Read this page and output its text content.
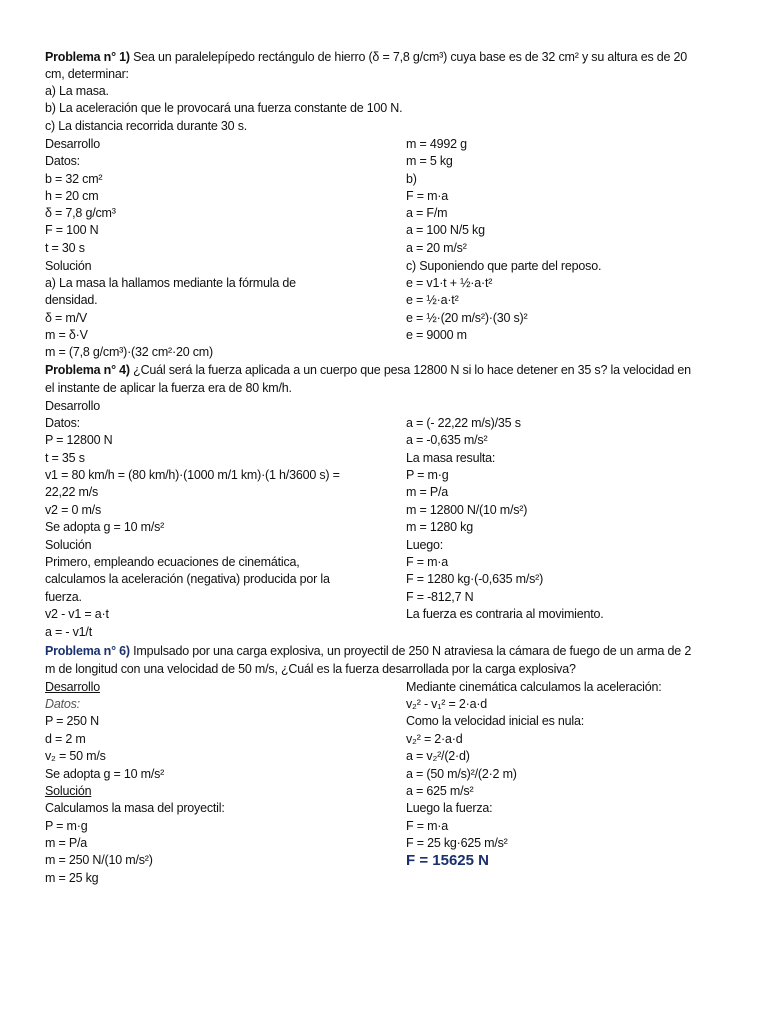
Problema n° 1) Sea un paralelepípedo rectángulo de hierro (δ = 7,8 g/cm³) cuya base es de 32 cm² y su altura es de 20
cm, determinar:
a) La masa.
b) La aceleración que le provocará una fuerza constante de 100 N.
c) La distancia recorrida durante 30 s.
Desarrollo
Datos:
b = 32 cm²
h = 20 cm
δ = 7,8 g/cm³
F = 100 N
t = 30 s
Solución
a) La masa la hallamos mediante la fórmula de
densidad.
δ = m/V
m = δ·V
m = (7,8 g/cm³)·(32 cm²·20 cm)
m = 4992 g
m = 5 kg
b)
F = m·a
a = F/m
a = 100 N/5 kg
a = 20 m/s²
c) Suponiendo que parte del reposo.
e = v1·t + ½·a·t²
e = ½·a·t²
e = ½·(20 m/s²)·(30 s)²
e = 9000 m
Problema n° 4) ¿Cuál será la fuerza aplicada a un cuerpo que pesa 12800 N si lo hace detener en 35 s? la velocidad en
el instante de aplicar la fuerza era de 80 km/h.
Desarrollo
Datos:
P = 12800 N
t = 35 s
v1 = 80 km/h = (80 km/h)·(1000 m/1 km)·(1 h/3600 s) =
22,22 m/s
v2 = 0 m/s
Se adopta g = 10 m/s²
Solución
Primero, empleando ecuaciones de cinemática,
calculamos la aceleración (negativa) producida por la
fuerza.
v2 - v1 = a·t
a = - v1/t
a = (- 22,22 m/s)/35 s
a = -0,635 m/s²
La masa resulta:
P = m·g
m = P/a
m = 12800 N/(10 m/s²)
m = 1280 kg
Luego:
F = m·a
F = 1280 kg·(-0,635 m/s²)
F = -812,7 N
La fuerza es contraria al movimiento.
Problema n° 6) Impulsado por una carga explosiva, un proyectil de 250 N atraviesa la cámara de fuego de un arma de 2
m de longitud con una velocidad de 50 m/s, ¿Cuál es la fuerza desarrollada por la carga explosiva?
Desarrollo
Datos:
P = 250 N
d = 2 m
v₂ = 50 m/s
Se adopta g = 10 m/s²
Solución
Calculamos la masa del proyectil:
P = m·g
m = P/a
m = 250 N/(10 m/s²)
m = 25 kg
Mediante cinemática calculamos la aceleración:
v₂² - v₁² = 2·a·d
Como la velocidad inicial es nula:
v₂² = 2·a·d
a = v₂²/(2·d)
a = (50 m/s)²/(2·2 m)
a = 625 m/s²
Luego la fuerza:
F = m·a
F = 25 kg·625 m/s²
F = 15625 N
